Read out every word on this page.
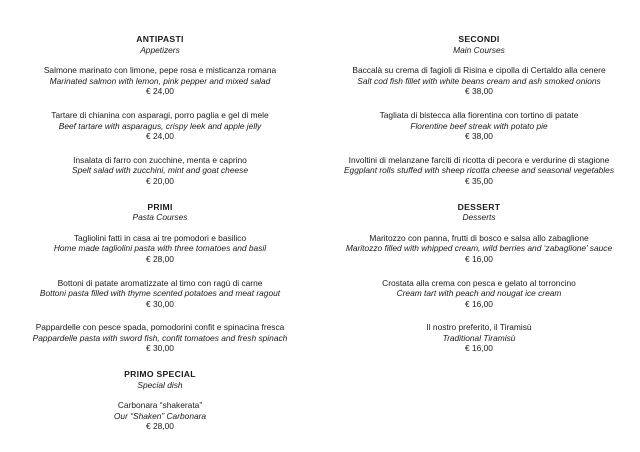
ANTIPASTI
Appetizers
Salmone marinato con limone, pepe rosa e misticanza romana
Marinated salmon with lemon, pink pepper and mixed salad
€ 24,00
Tartare di chianina con asparagi, porro paglia e gel di mele
Beef tartare with asparagus, crispy leek and apple jelly
€ 24,00
Insalata di farro con zucchine, menta e caprino
Spelt salad with zucchini, mint and goat cheese
€ 20,00
PRIMI
Pasta Courses
Tagliolini fatti in casa ai tre pomodori e basilico
Home made tagliolini pasta with three tomatoes and basil
€ 28,00
Bottoni di patate aromatizzate al timo con ragù di carne
Bottoni pasta filled with thyme scented potatoes and meat ragout
€ 30,00
Pappardelle con pesce spada, pomodorini confit e spinacina fresca
Pappardelle pasta with sword fish, confit tomatoes and fresh spinach
€ 30,00
PRIMO SPECIAL
Special dish
Carbonara “shakerata”
Our “Shaken” Carbonara
€ 28,00
SECONDI
Main Courses
Baccalà su crema di fagioli di Risina e cipolla di Certaldo alla cenere
Salt cod fish fillet with white beans cream and ash smoked onions
€ 38,00
Tagliata di bistecca alla fiorentina con tortino di patate
Florentine beef streak with potato pie
€ 38,00
Involtini di melanzane farciti di ricotta di pecora e verdurine di stagione
Eggplant rolls stuffed with sheep ricotta cheese and seasonal vegetables
€ 35,00
DESSERT
Desserts
Maritozzo con panna, frutti di bosco e salsa allo zabaglione
Maritozzo filled with whipped cream, wild berries and ‘zabaglione’ sauce
€ 16,00
Crostata alla crema con pesca e gelato al torroncino
Cream tart with peach and nougat ice cream
€ 16,00
Il nostro preferito, il Tiramisù
Traditional Tiramisù
€ 16,00
